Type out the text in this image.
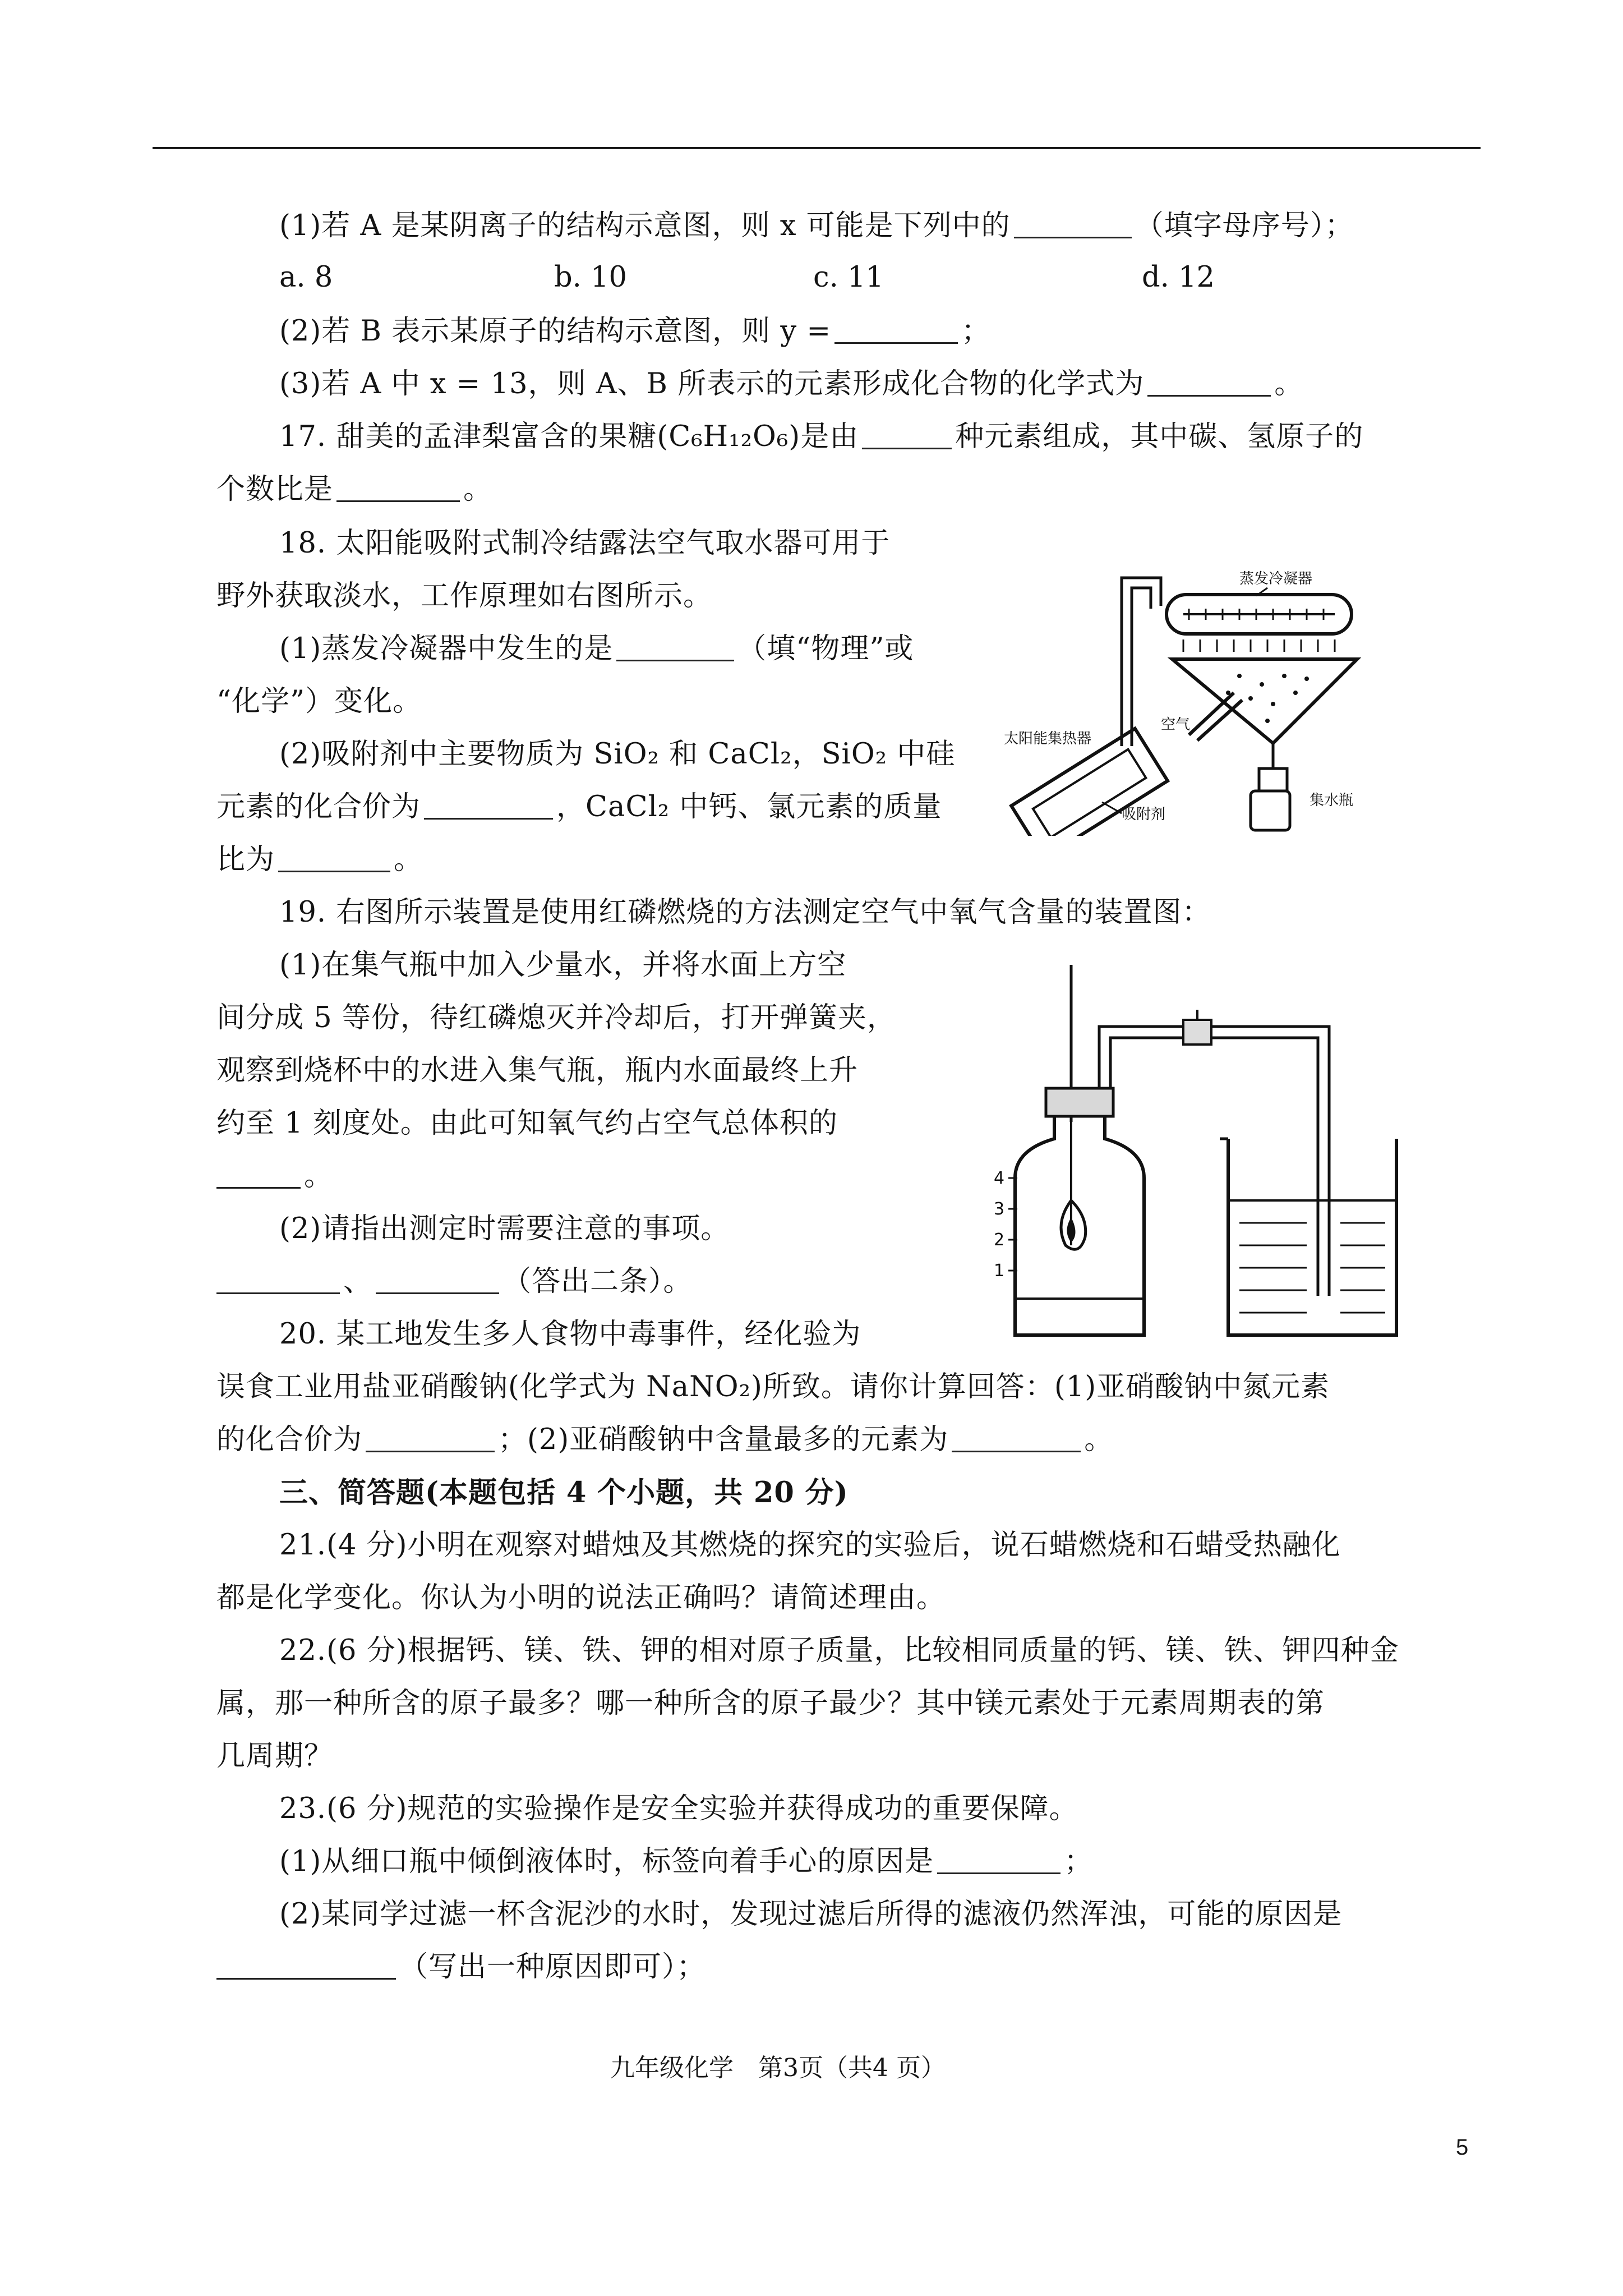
(1)若 A 是某阴离子的结构示意图，则 x 可能是下列中的	（填字母序号）；
a. 8	b. 10	c. 11	d. 12
(2)若 B 表示某原子的结构示意图，则 y =	；
(3)若 A 中 x = 13，则 A、B 所表示的元素形成化合物的化学式为	。
17. 甜美的孟津梨富含的果糖(C₆H₁₂O₆)是由	种元素组成，其中碳、氢原子的
个数比是	。
18. 太阳能吸附式制冷结露法空气取水器可用于
野外获取淡水，工作原理如右图所示。
(1)蒸发冷凝器中发生的是	（填“物理”或
“化学”）变化。
(2)吸附剂中主要物质为 SiO₂ 和 CaCl₂，SiO₂ 中硅
元素的化合价为	，CaCl₂ 中钙、氯元素的质量
比为	。
蒸发冷凝器
空气
集水瓶
太阳能集热器
吸附剂
19. 右图所示装置是使用红磷燃烧的方法测定空气中氧气含量的装置图：
(1)在集气瓶中加入少量水，并将水面上方空
间分成 5 等份，待红磷熄灭并冷却后，打开弹簧夹，
观察到烧杯中的水进入集气瓶，瓶内水面最终上升
约至 1 刻度处。由此可知氧气约占空气总体积的
。
(2)请指出测定时需要注意的事项。
、	（答出二条）。
4
3
2
1
20. 某工地发生多人食物中毒事件，经化验为
误食工业用盐亚硝酸钠(化学式为 NaNO₂)所致。请你计算回答：(1)亚硝酸钠中氮元素
的化合价为	；(2)亚硝酸钠中含量最多的元素为	。
三、简答题(本题包括 4 个小题，共 20 分)
21.(4 分)小明在观察对蜡烛及其燃烧的探究的实验后，说石蜡燃烧和石蜡受热融化
都是化学变化。你认为小明的说法正确吗？请简述理由。
22.(6 分)根据钙、镁、铁、钾的相对原子质量，比较相同质量的钙、镁、铁、钾四种金
属，那一种所含的原子最多？哪一种所含的原子最少？其中镁元素处于元素周期表的第
几周期？
23.(6 分)规范的实验操作是安全实验并获得成功的重要保障。
(1)从细口瓶中倾倒液体时，标签向着手心的原因是	；
(2)某同学过滤一杯含泥沙的水时，发现过滤后所得的滤液仍然浑浊，可能的原因是
（写出一种原因即可）；
九年级化学　第3页（共4 页）
5
